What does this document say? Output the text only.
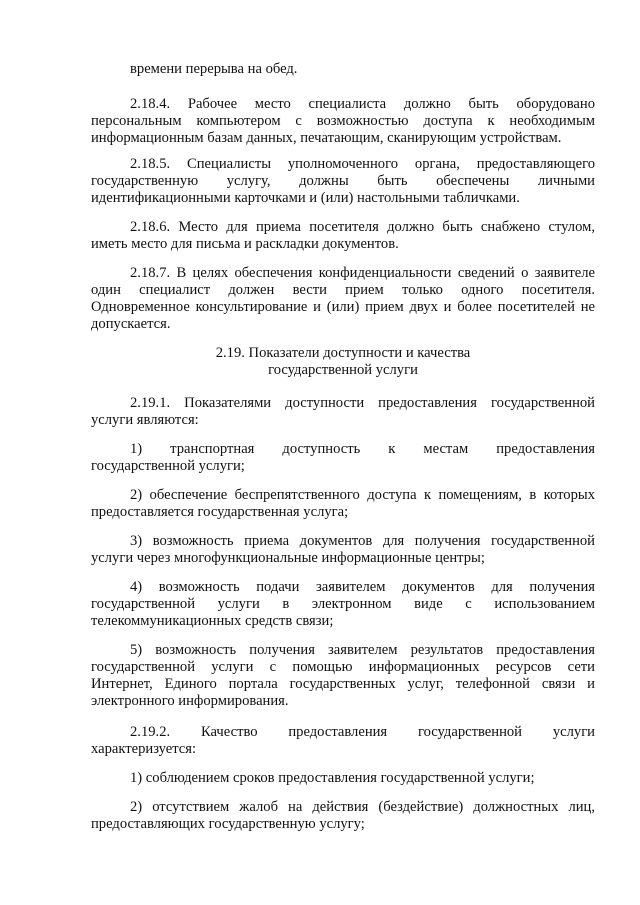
времени перерыва на обед.
2.18.4. Рабочее место специалиста должно быть оборудовано
персональным компьютером с возможностью доступа к необходимым
информационным базам данных, печатающим, сканирующим устройствам.
2.18.5. Специалисты уполномоченного органа, предоставляющего
государственную услугу, должны быть обеспечены личными
идентификационными карточками и (или) настольными табличками.
2.18.6. Место для приема посетителя должно быть снабжено стулом,
иметь место для письма и раскладки документов.
2.18.7. В целях обеспечения конфиденциальности сведений о заявителе
один специалист должен вести прием только одного посетителя.
Одновременное консультирование и (или) прием двух и более посетителей не
допускается.
2.19. Показатели доступности и качества
государственной услуги
2.19.1. Показателями доступности предоставления государственной
услуги являются:
1) транспортная доступность к местам предоставления
государственной услуги;
2) обеспечение беспрепятственного доступа к помещениям, в которых
предоставляется государственная услуга;
3) возможность приема документов для получения государственной
услуги через многофункциональные информационные центры;
4) возможность подачи заявителем документов для получения
государственной услуги в электронном виде с использованием
телекоммуникационных средств связи;
5) возможность получения заявителем результатов предоставления
государственной услуги с помощью информационных ресурсов сети
Интернет, Единого портала государственных услуг, телефонной связи и
электронного информирования.
2.19.2. Качество предоставления государственной услуги
характеризуется:
1) соблюдением сроков предоставления государственной услуги;
2) отсутствием жалоб на действия (бездействие) должностных лиц,
предоставляющих государственную услугу;
